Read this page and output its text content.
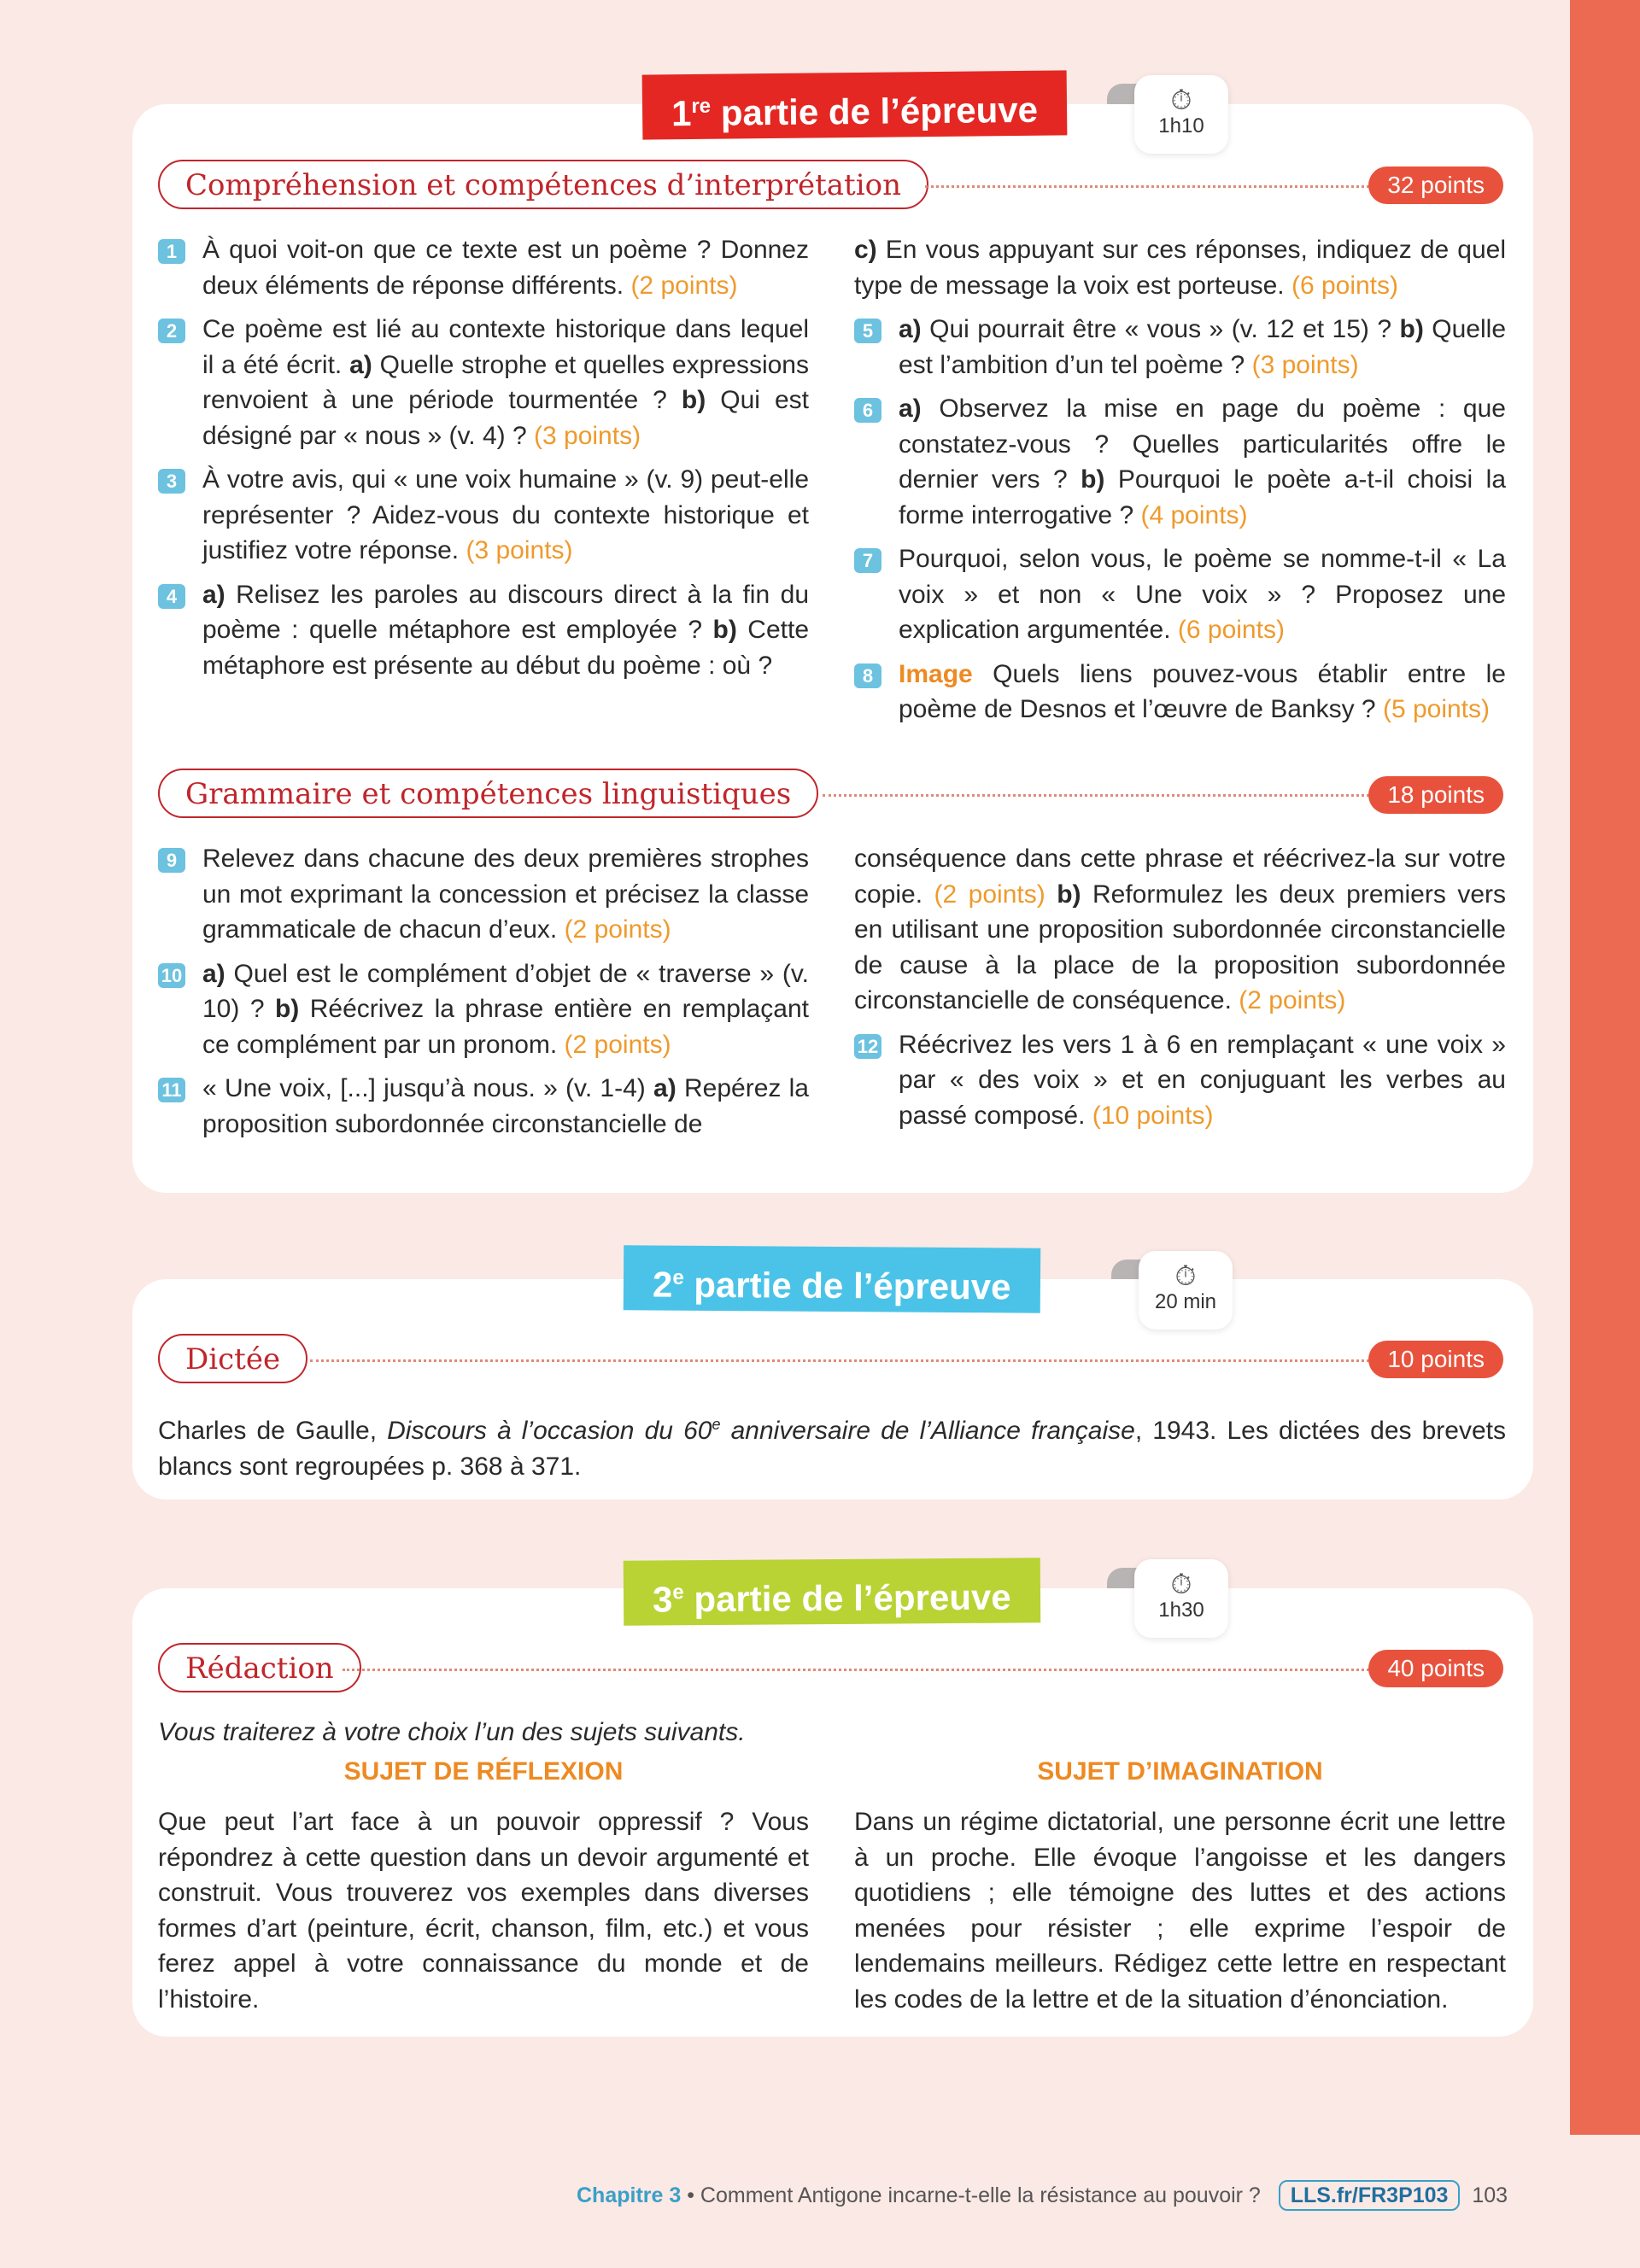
Compréhension et compétences d’interprétation	32 points
1 À quoi voit-on que ce texte est un poème ? Donnez deux éléments de réponse différents. (2 points)
2 Ce poème est lié au contexte historique dans lequel il a été écrit. a) Quelle strophe et quelles expressions renvoient à une période tourmentée ? b) Qui est désigné par « nous » (v. 4) ? (3 points)
3 À votre avis, qui « une voix humaine » (v. 9) peut-elle représenter ? Aidez-vous du contexte historique et justifiez votre réponse. (3 points)
4 a) Relisez les paroles au discours direct à la fin du poème : quelle métaphore est employée ? b) Cette métaphore est présente au début du poème : où ?
c) En vous appuyant sur ces réponses, indiquez de quel type de message la voix est porteuse. (6 points)
5 a) Qui pourrait être « vous » (v. 12 et 15) ? b) Quelle est l’ambition d’un tel poème ? (3 points)
6 a) Observez la mise en page du poème : que constatez-vous ? Quelles particularités offre le dernier vers ? b) Pourquoi le poète a-t-il choisi la forme interrogative ? (4 points)
7 Pourquoi, selon vous, le poème se nomme-t-il « La voix » et non « Une voix » ? Proposez une explication argumentée. (6 points)
8 Image Quels liens pouvez-vous établir entre le poème de Desnos et l’œuvre de Banksy ? (5 points)
Grammaire et compétences linguistiques	18 points
9 Relevez dans chacune des deux premières strophes un mot exprimant la concession et précisez la classe grammaticale de chacun d’eux. (2 points)
10 a) Quel est le complément d’objet de « traverse » (v. 10) ? b) Réécrivez la phrase entière en remplaçant ce complément par un pronom. (2 points)
11 « Une voix, [...] jusqu’à nous. » (v. 1-4) a) Repérez la proposition subordonnée circonstancielle de
conséquence dans cette phrase et réécrivez-la sur votre copie. (2 points) b) Reformulez les deux premiers vers en utilisant une proposition subordonnée circonstancielle de cause à la place de la proposition subordonnée circonstancielle de conséquence. (2 points)
12 Réécrivez les vers 1 à 6 en remplaçant « une voix » par « des voix » et en conjuguant les verbes au passé composé. (10 points)
1re partie de l’épreuve	⏱
1h10
Dictée	10 points
Charles de Gaulle, Discours à l’occasion du 60e anniversaire de l’Alliance française, 1943. Les dictées des brevets blancs sont regroupées p. 368 à 371.
2e partie de l’épreuve	⏱
20 min
Rédaction	40 points
Vous traiterez à votre choix l’un des sujets suivants.
SUJET DE RÉFLEXION	SUJET D’IMAGINATION
Que peut l’art face à un pouvoir oppressif ? Vous répondrez à cette question dans un devoir argumenté et construit. Vous trouverez vos exemples dans diverses formes d’art (peinture, écrit, chanson, film, etc.) et vous ferez appel à votre connaissance du monde et de l’histoire.
Dans un régime dictatorial, une personne écrit une lettre à un proche. Elle évoque l’angoisse et les dangers quotidiens ; elle témoigne des luttes et des actions menées pour résister ; elle exprime l’espoir de lendemains meilleurs. Rédigez cette lettre en respectant les codes de la lettre et de la situation d’énonciation.
3e partie de l’épreuve	⏱
1h30
Chapitre 3 • Comment Antigone incarne-t-elle la résistance au pouvoir ? LLS.fr/FR3P103 103
